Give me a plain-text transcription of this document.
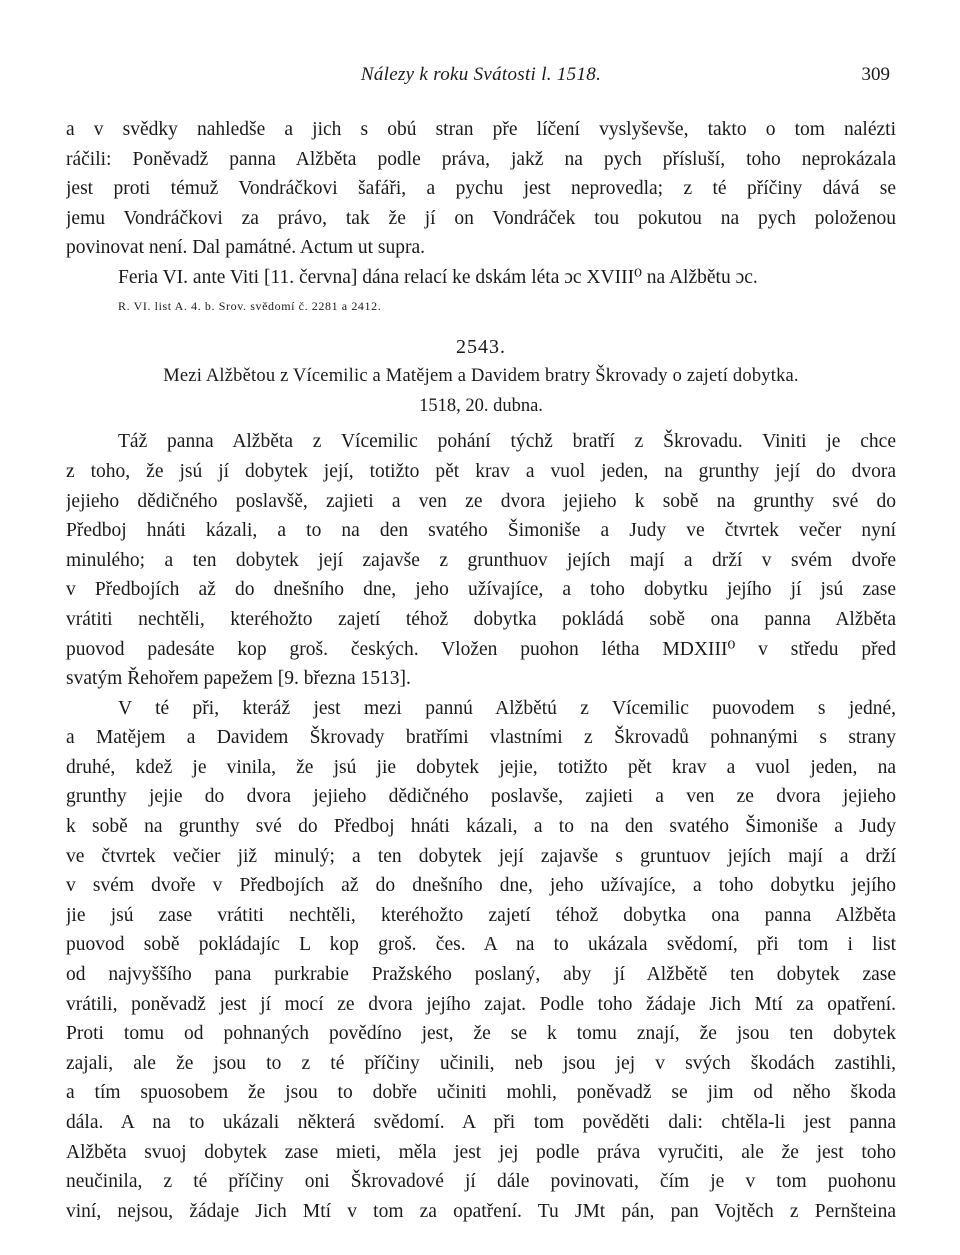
Nálezy k roku Svátosti l. 1518.	309
a v svědky nahledše a jich s obú stran pře líčení vyslyševše, takto o tom nalézti
ráčili: Poněvadž panna Alžběta podle práva, jakž na pych přísluší, toho neprokázala
jest proti témuž Vondráčkovi šafáři, a pychu jest neprovedla; z té příčiny dává se
jemu Vondráčkovi za právo, tak že jí on Vondráček tou pokutou na pych položenou
povinovat není. Dal památné. Actum ut supra.
Feria VI. ante Viti [11. června] dána relací ke dskám léta ɔc XVIII⁰ na Alžbětu ɔc.
R. VI. list A. 4. b. Srov. svědomí č. 2281 a 2412.
2543.
Mezi Alžbětou z Vícemilic a Matějem a Davidem bratry Škrovady o zajetí dobytka.
1518, 20. dubna.
Táž panna Alžběta z Vícemilic pohání týchž bratří z Škrovadu. Viniti je chce
z toho, že jsú jí dobytek její, totižto pět krav a vuol jeden, na grunthy její do dvora
jejieho dědičného poslavšě, zajieti a ven ze dvora jejieho k sobě na grunthy své do
Předboj hnáti kázali, a to na den svatého Šimoniše a Judy ve čtvrtek večer nyní
minulého; a ten dobytek její zajavše z grunthuov jejích mají a drží v svém dvoře
v Předbojích až do dnešního dne, jeho užívajíce, a toho dobytku jejího jí jsú zase
vrátiti nechtěli, kteréhožto zajetí téhož dobytka pokládá sobě ona panna Alžběta
puovod padesáte kop groš. českých. Vložen puohon létha MDXIII⁰ v středu před
svatým Řehořem papežem [9. března 1513].
V té při, kteráž jest mezi pannú Alžbětú z Vícemilic puovodem s jedné,
a Matějem a Davidem Škrovady bratřími vlastními z Škrovadů pohnanými s strany
druhé, kdež je vinila, že jsú jie dobytek jejie, totižto pět krav a vuol jeden, na
grunthy jejie do dvora jejieho dědičného poslavše, zajieti a ven ze dvora jejieho
k sobě na grunthy své do Předboj hnáti kázali, a to na den svatého Šimoniše a Judy
ve čtvrtek večier již minulý; a ten dobytek její zajavše s gruntuov jejích mají a drží
v svém dvoře v Předbojích až do dnešního dne, jeho užívajíce, a toho dobytku jejího
jie jsú zase vrátiti nechtěli, kteréhožto zajetí téhož dobytka ona panna Alžběta
puovod sobě pokládajíc L kop groš. čes. A na to ukázala svědomí, při tom i list
od najvyššího pana purkrabie Pražského poslaný, aby jí Alžbětě ten dobytek zase
vrátili, poněvadž jest jí mocí ze dvora jejího zajat. Podle toho žádaje Jich Mtí za opatření.
Proti tomu od pohnaných povědíno jest, že se k tomu znají, že jsou ten dobytek
zajali, ale že jsou to z té příčiny učinili, neb jsou jej v svých škodách zastihli,
a tím spuosobem že jsou to dobře učiniti mohli, poněvadž se jim od něho škoda
dála. A na to ukázali některá svědomí. A při tom pověděti dali: chtěla-li jest panna
Alžběta svuoj dobytek zase mieti, měla jest jej podle práva vyručiti, ale že jest toho
neučinila, z té příčiny oni Škrovadové jí dále povinovati, čím je v tom puohonu
viní, nejsou, žádaje Jich Mtí v tom za opatření. Tu JMt pán, pan Vojtěch z Pernšteina
